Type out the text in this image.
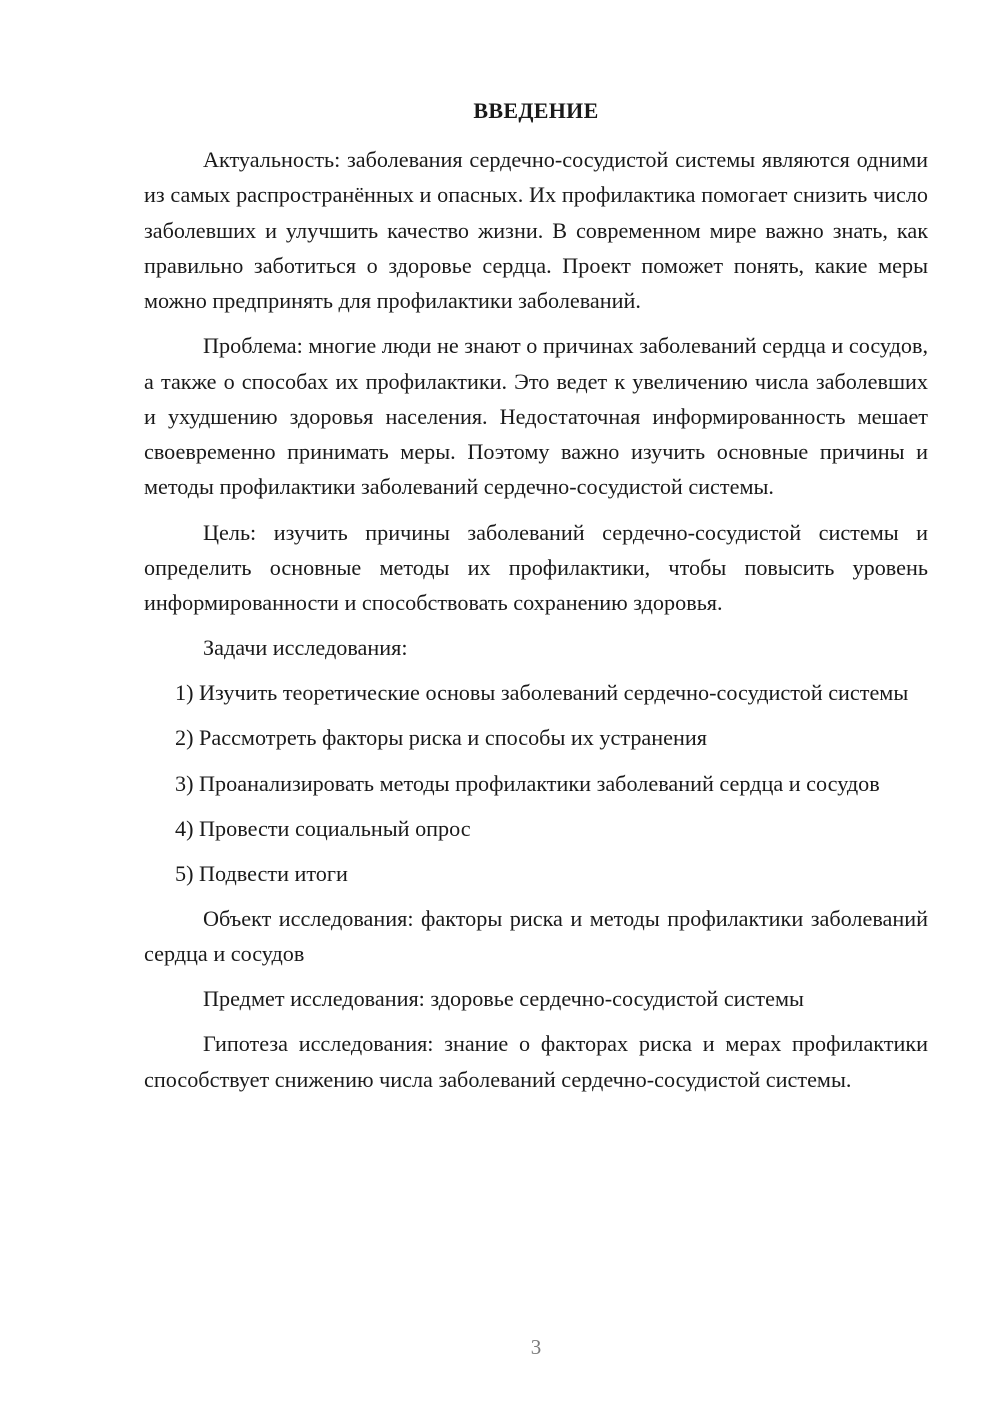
ВВЕДЕНИЕ

Актуальность: заболевания сердечно-сосудистой системы являются одними из самых распространённых и опасных. Их профилактика помогает снизить число заболевших и улучшить качество жизни. В современном мире важно знать, как правильно заботиться о здоровье сердца. Проект поможет понять, какие меры можно предпринять для профилактики заболеваний.

Проблема: многие люди не знают о причинах заболеваний сердца и сосудов, а также о способах их профилактики. Это ведет к увеличению числа заболевших и ухудшению здоровья населения. Недостаточная информированность мешает своевременно принимать меры. Поэтому важно изучить основные причины и методы профилактики заболеваний сердечно-сосудистой системы.

Цель: изучить причины заболеваний сердечно-сосудистой системы и определить основные методы их профилактики, чтобы повысить уровень информированности и способствовать сохранению здоровья.

Задачи исследования:

1) Изучить теоретические основы заболеваний сердечно-сосудистой системы

2) Рассмотреть факторы риска и способы их устранения

3) Проанализировать методы профилактики заболеваний сердца и сосудов

4) Провести социальный опрос

5) Подвести итоги

Объект исследования: факторы риска и методы профилактики заболеваний сердца и сосудов

Предмет исследования: здоровье сердечно-сосудистой системы

Гипотеза исследования: знание о факторах риска и мерах профилактики способствует снижению числа заболеваний сердечно-сосудистой системы.

3
